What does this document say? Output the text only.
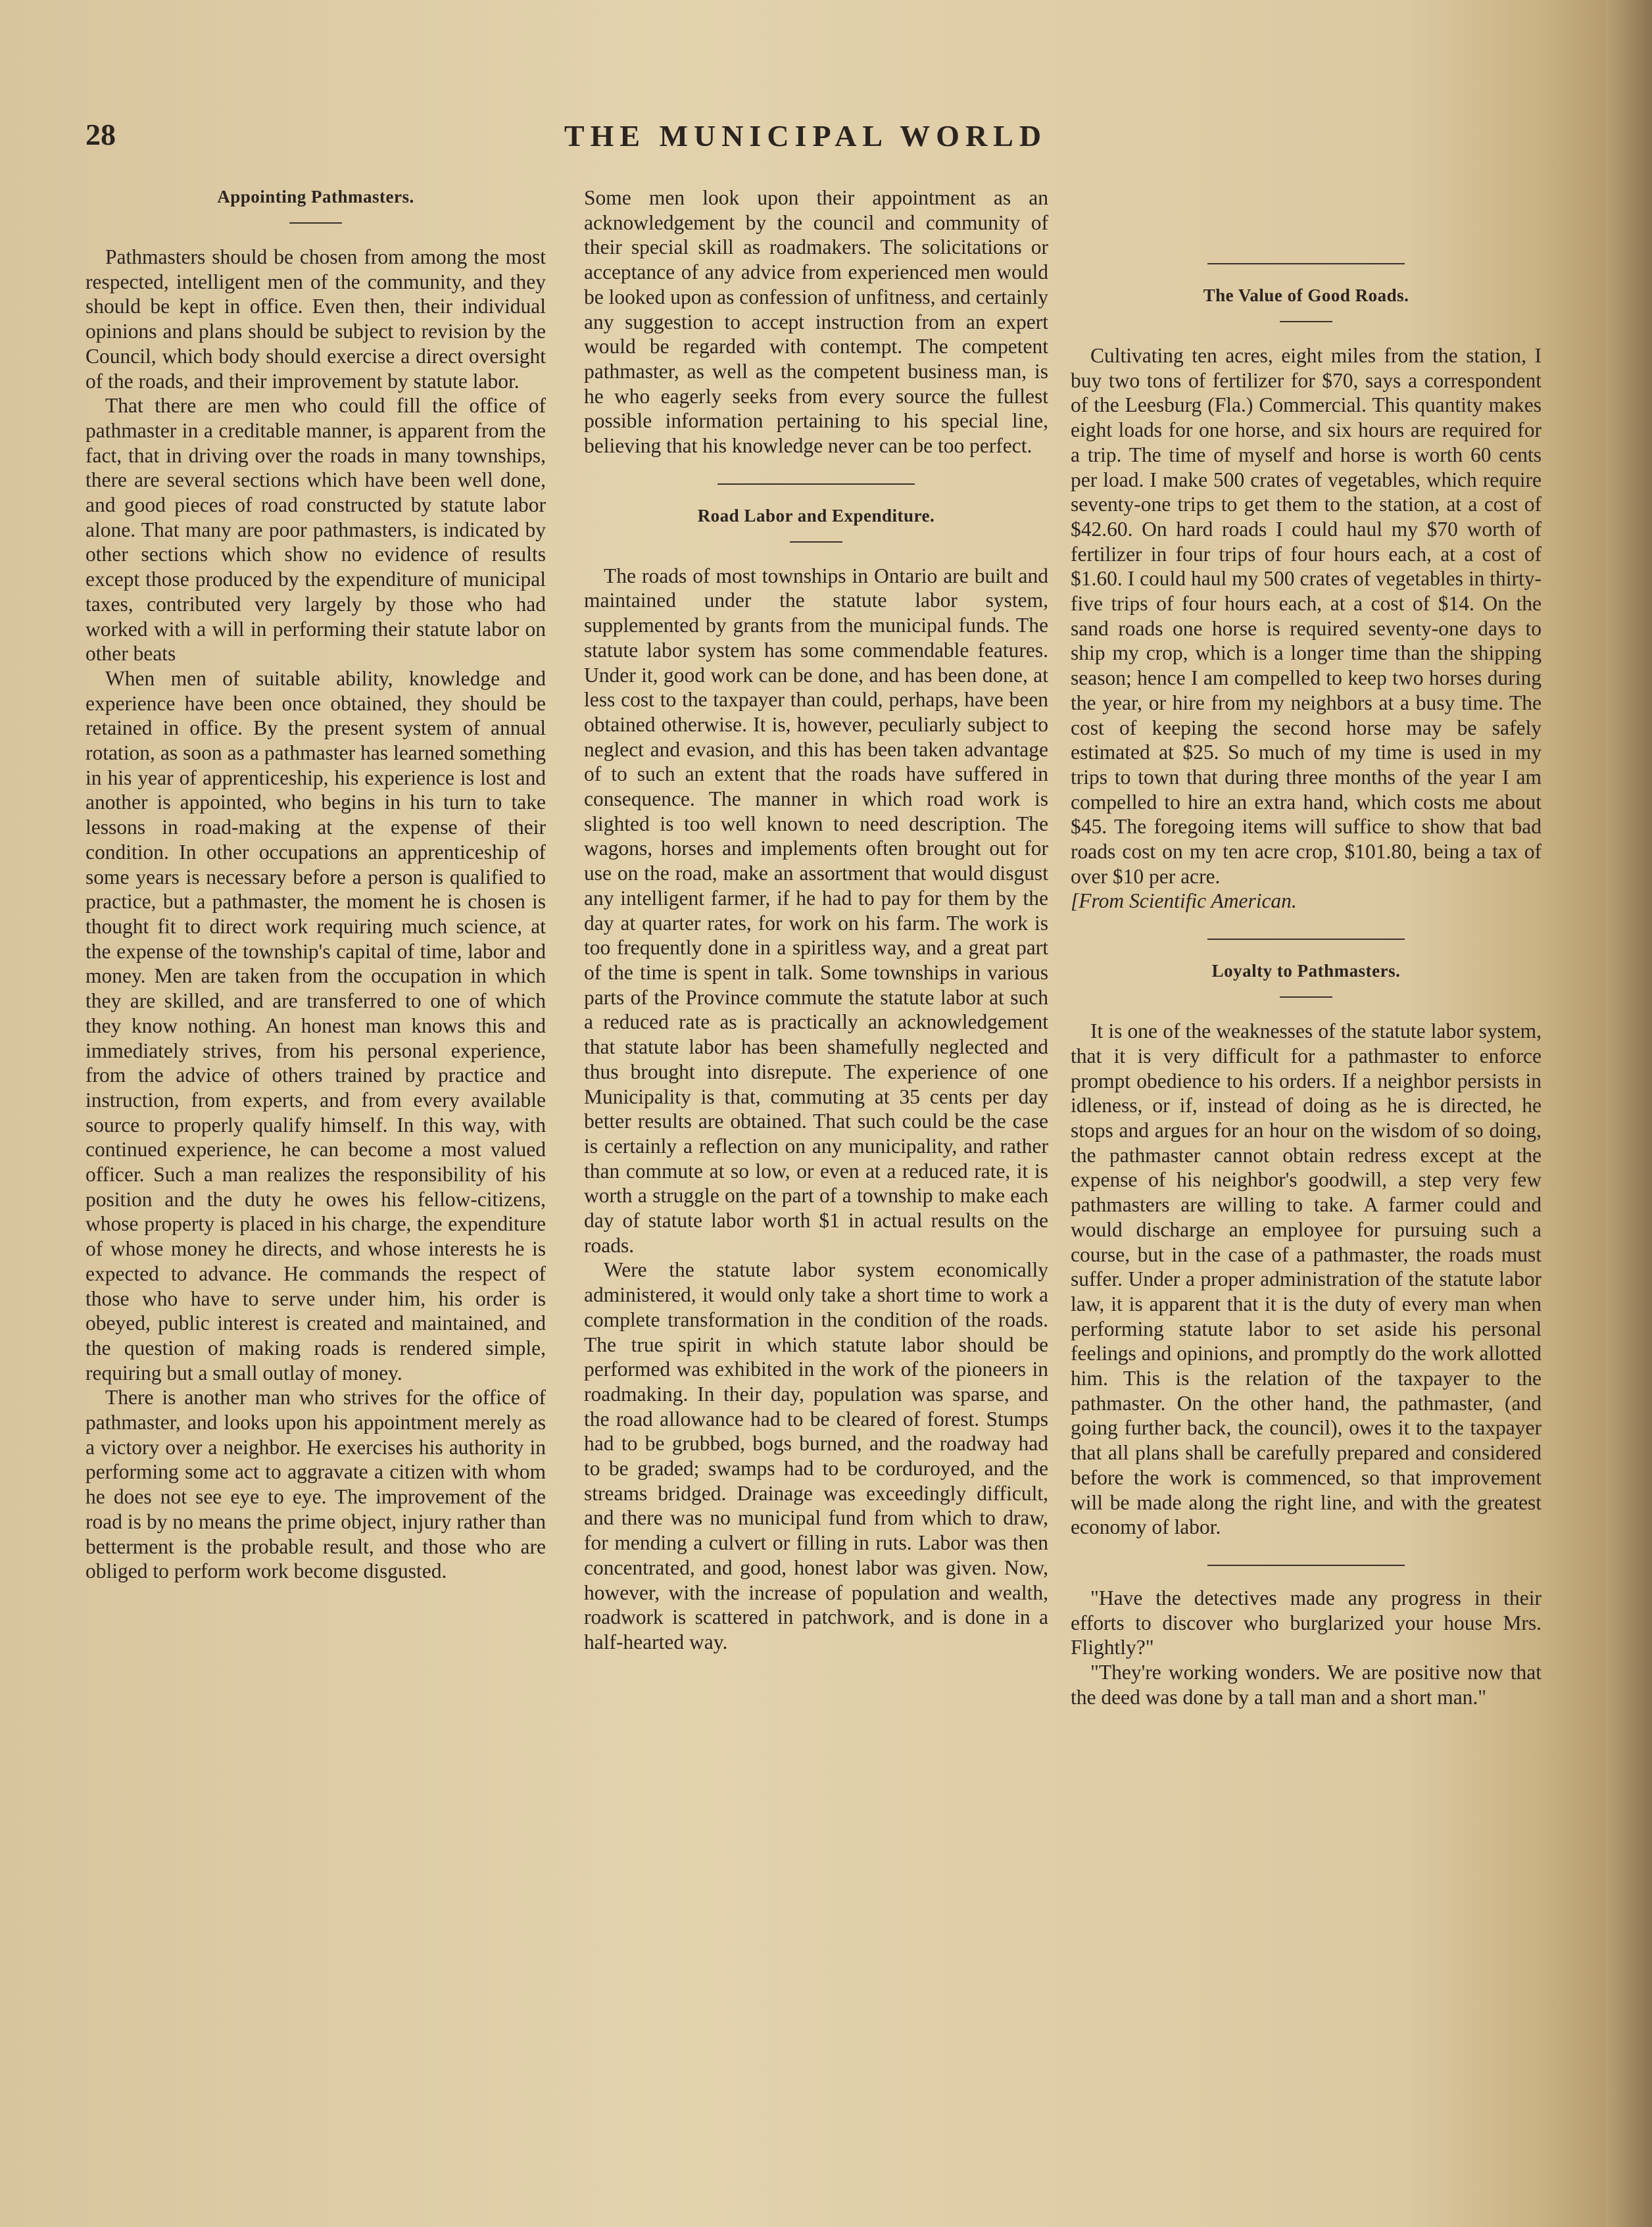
28	THE MUNICIPAL WORLD
Appointing Pathmasters.

Pathmasters should be chosen from among the most respected, intelligent men of the community, and they should be kept in office. Even then, their individual opinions and plans should be subject to revision by the Council, which body should exercise a direct oversight of the roads, and their improvement by statute labor.

That there are men who could fill the office of pathmaster in a creditable manner, is apparent from the fact, that in driving over the roads in many townships, there are several sections which have been well done, and good pieces of road constructed by statute labor alone. That many are poor pathmasters, is indicated by other sections which show no evidence of results except those produced by the expenditure of municipal taxes, contributed very largely by those who had worked with a will in performing their statute labor on other beats

When men of suitable ability, knowledge and experience have been once obtained, they should be retained in office. By the present system of annual rotation, as soon as a pathmaster has learned something in his year of apprenticeship, his experience is lost and another is appointed, who begins in his turn to take lessons in road-making at the expense of their condition. In other occupations an apprenticeship of some years is necessary before a person is qualified to practice, but a pathmaster, the moment he is chosen is thought fit to direct work requiring much science, at the expense of the township's capital of time, labor and money. Men are taken from the occupation in which they are skilled, and are transferred to one of which they know nothing. An honest man knows this and immediately strives, from his personal experience, from the advice of others trained by practice and instruction, from experts, and from every available source to properly qualify himself. In this way, with continued experience, he can become a most valued officer. Such a man realizes the responsibility of his position and the duty he owes his fellow-citizens, whose property is placed in his charge, the expenditure of whose money he directs, and whose interests he is expected to advance. He commands the respect of those who have to serve under him, his order is obeyed, public interest is created and maintained, and the question of making roads is rendered simple, requiring but a small outlay of money.

There is another man who strives for the office of pathmaster, and looks upon his appointment merely as a victory over a neighbor. He exercises his authority in performing some act to aggravate a citizen with whom he does not see eye to eye. The improvement of the road is by no means the prime object, injury rather than betterment is the probable result, and those who are obliged to perform work become disgusted.

Some men look upon their appointment as an acknowledgement by the council and community of their special skill as roadmakers. The solicitations or acceptance of any advice from experienced men would be looked upon as confession of unfitness, and certainly any suggestion to accept instruction from an expert would be regarded with contempt. The competent pathmaster, as well as the competent business man, is he who eagerly seeks from every source the fullest possible information pertaining to his special line, believing that his knowledge never can be too perfect.

Road Labor and Expenditure.

The roads of most townships in Ontario are built and maintained under the statute labor system, supplemented by grants from the municipal funds. The statute labor system has some commendable features. Under it, good work can be done, and has been done, at less cost to the taxpayer than could, perhaps, have been obtained otherwise. It is, however, peculiarly subject to neglect and evasion, and this has been taken advantage of to such an extent that the roads have suffered in consequence. The manner in which road work is slighted is too well known to need description. The wagons, horses and implements often brought out for use on the road, make an assortment that would disgust any intelligent farmer, if he had to pay for them by the day at quarter rates, for work on his farm. The work is too frequently done in a spiritless way, and a great part of the time is spent in talk. Some townships in various parts of the Province commute the statute labor at such a reduced rate as is practically an acknowledgement that statute labor has been shamefully neglected and thus brought into disrepute. The experience of one Municipality is that, commuting at 35 cents per day better results are obtained. That such could be the case is certainly a reflection on any municipality, and rather than commute at so low, or even at a reduced rate, it is worth a struggle on the part of a township to make each day of statute labor worth $1 in actual results on the roads.

Were the statute labor system economically administered, it would only take a short time to work a complete transformation in the condition of the roads. The true spirit in which statute labor should be performed was exhibited in the work of the pioneers in roadmaking. In their day, population was sparse, and the road allowance had to be cleared of forest. Stumps had to be grubbed, bogs burned, and the roadway had to be graded; swamps had to be corduroyed, and the streams bridged. Drainage was exceedingly difficult, and there was no municipal fund from which to draw, for mending a culvert or filling in ruts. Labor was then concentrated, and good, honest labor was given. Now, however, with the increase of population and wealth, roadwork is scattered in patchwork, and is done in a half-hearted way.

The Value of Good Roads.

Cultivating ten acres, eight miles from the station, I buy two tons of fertilizer for $70, says a correspondent of the Leesburg (Fla.) Commercial. This quantity makes eight loads for one horse, and six hours are required for a trip. The time of myself and horse is worth 60 cents per load. I make 500 crates of vegetables, which require seventy-one trips to get them to the station, at a cost of $42.60. On hard roads I could haul my $70 worth of fertilizer in four trips of four hours each, at a cost of $1.60. I could haul my 500 crates of vegetables in thirty-five trips of four hours each, at a cost of $14. On the sand roads one horse is required seventy-one days to ship my crop, which is a longer time than the shipping season; hence I am compelled to keep two horses during the year, or hire from my neighbors at a busy time. The cost of keeping the second horse may be safely estimated at $25. So much of my time is used in my trips to town that during three months of the year I am compelled to hire an extra hand, which costs me about $45. The foregoing items will suffice to show that bad roads cost on my ten acre crop, $101.80, being a tax of over $10 per acre.

[From Scientific American.

Loyalty to Pathmasters.

It is one of the weaknesses of the statute labor system, that it is very difficult for a pathmaster to enforce prompt obedience to his orders. If a neighbor persists in idleness, or if, instead of doing as he is directed, he stops and argues for an hour on the wisdom of so doing, the pathmaster cannot obtain redress except at the expense of his neighbor's goodwill, a step very few pathmasters are willing to take. A farmer could and would discharge an employee for pursuing such a course, but in the case of a pathmaster, the roads must suffer. Under a proper administration of the statute labor law, it is apparent that it is the duty of every man when performing statute labor to set aside his personal feelings and opinions, and promptly do the work allotted him. This is the relation of the taxpayer to the pathmaster. On the other hand, the pathmaster, (and going further back, the council), owes it to the taxpayer that all plans shall be carefully prepared and considered before the work is commenced, so that improvement will be made along the right line, and with the greatest economy of labor.

"Have the detectives made any progress in their efforts to discover who burglarized your house Mrs. Flightly?"

"They're working wonders. We are positive now that the deed was done by a tall man and a short man."
